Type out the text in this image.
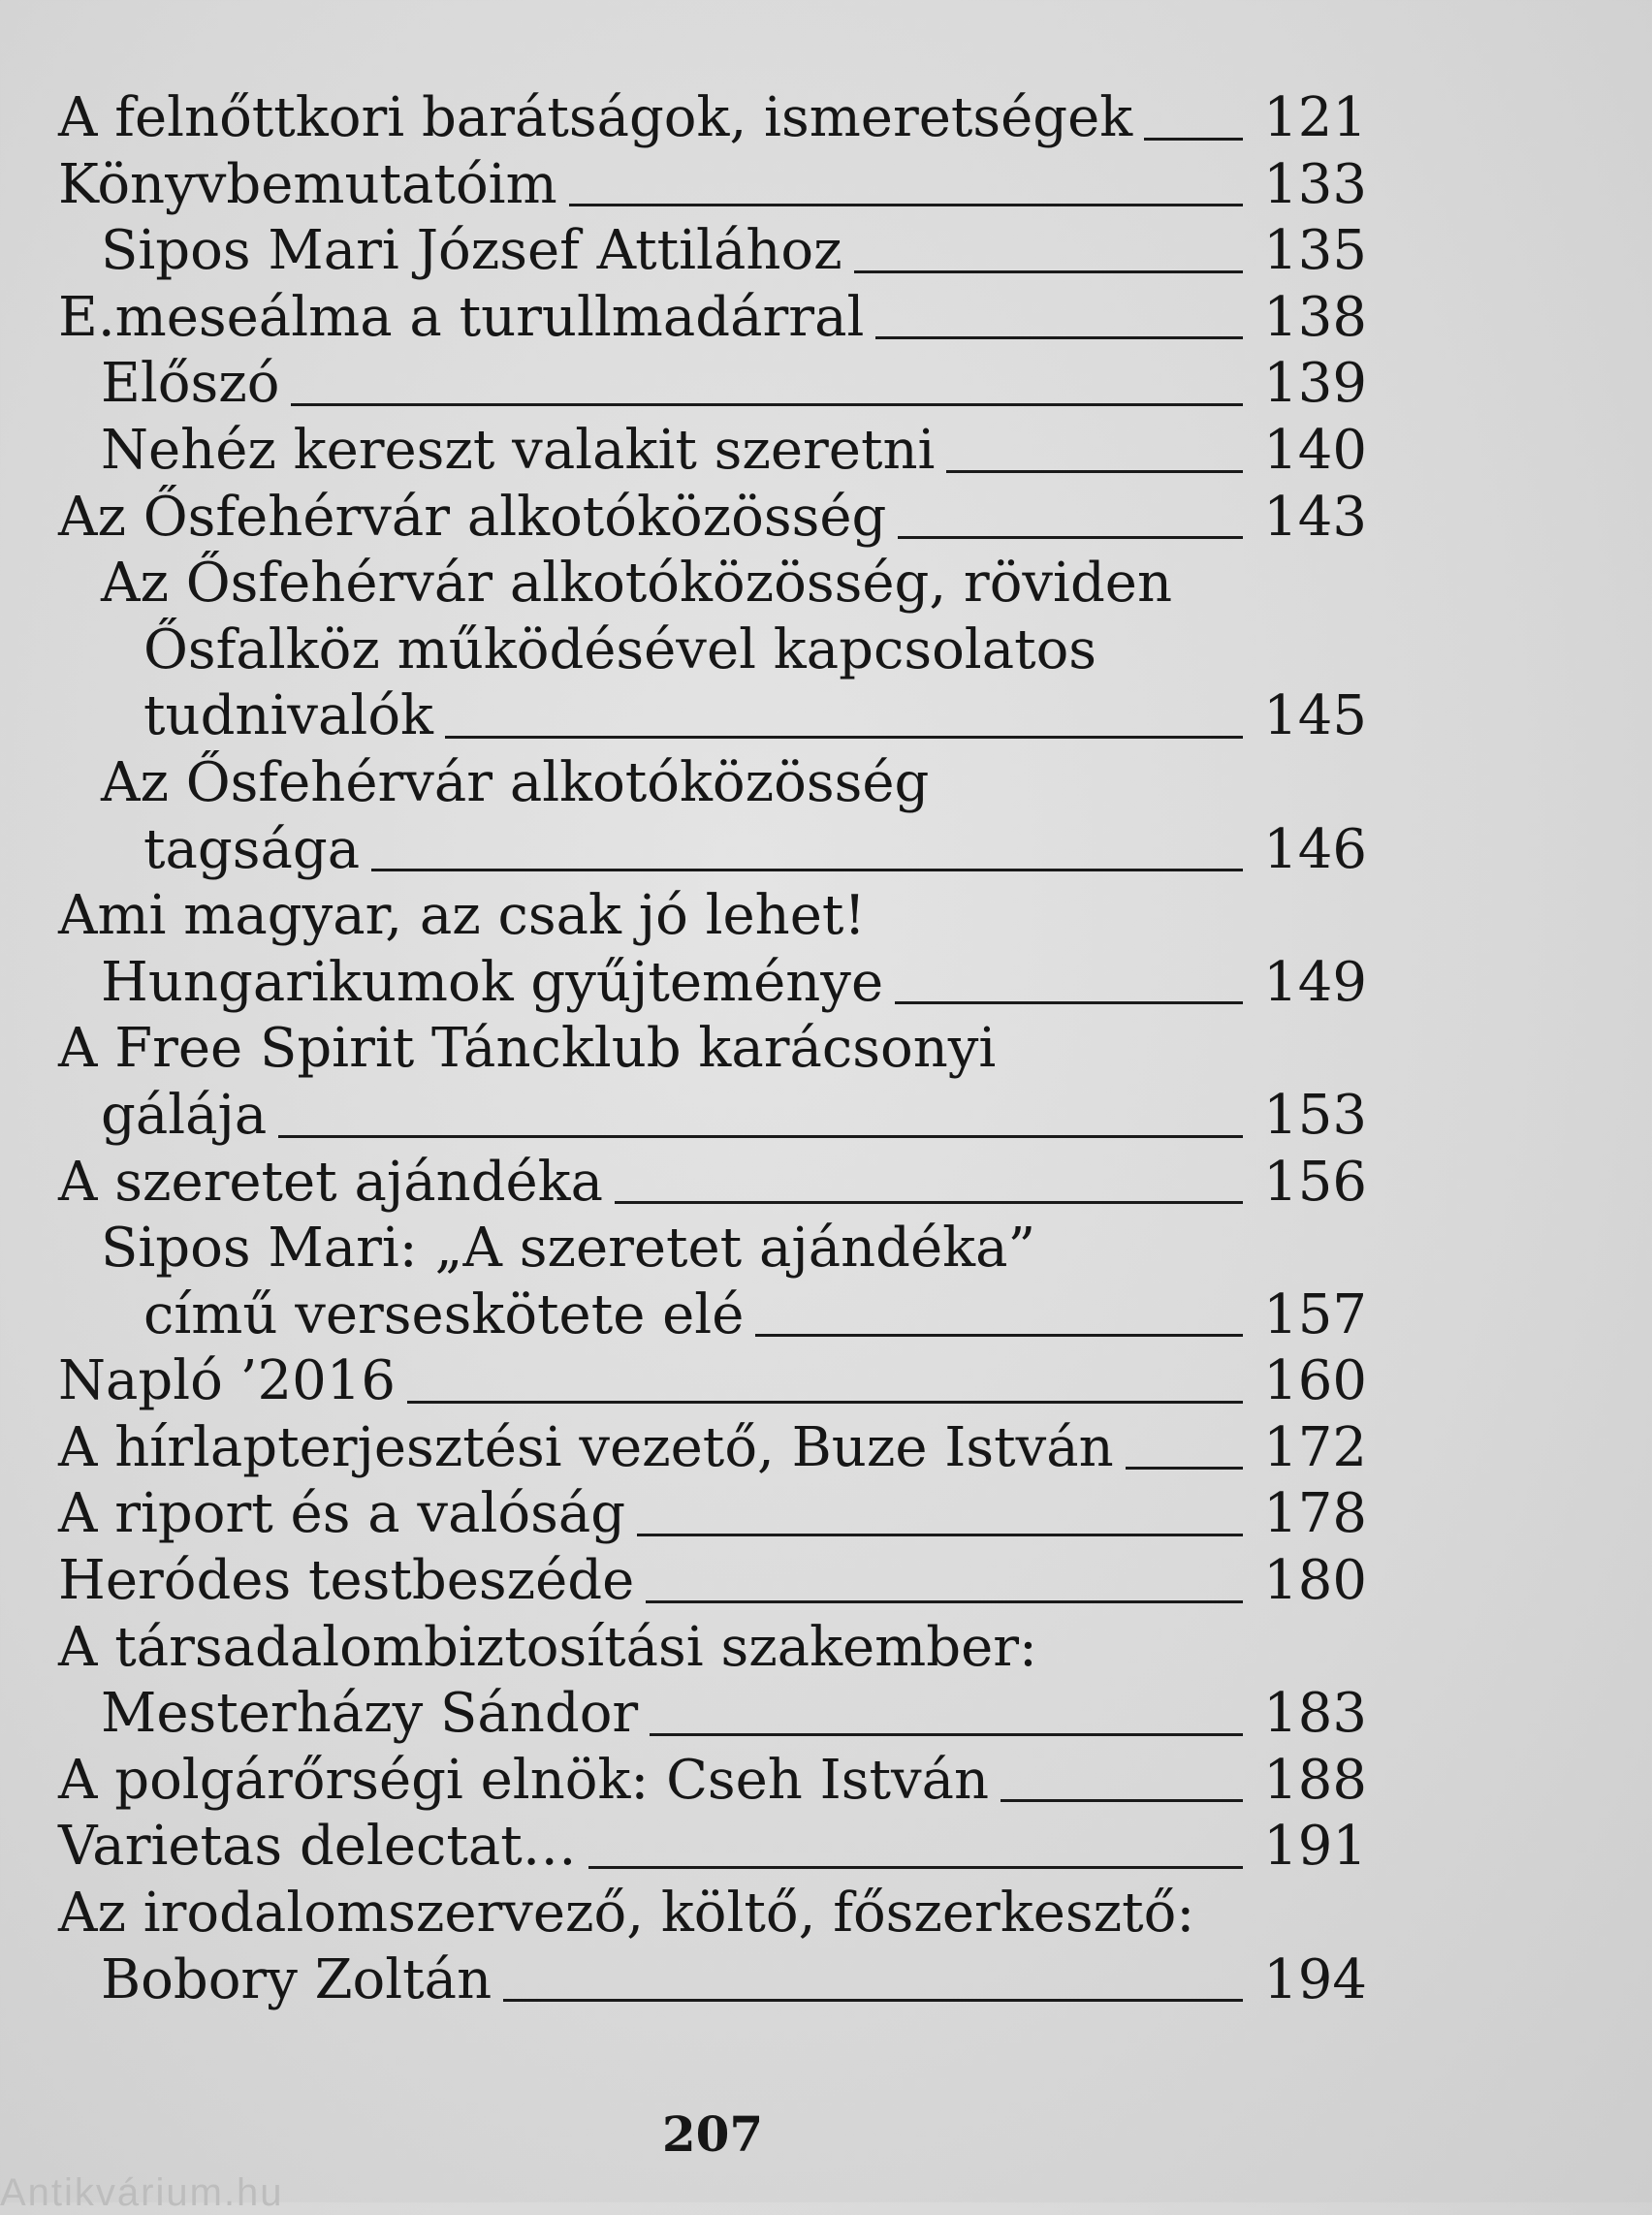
A felnőttkori barátságok, ismeretségek 121
Könyvbemutatóim	133
Sipos Mari József Attilához	135
E.meseálma a turullmadárral	138
Előszó	139
Nehéz kereszt valakit szeretni	140
Az Ősfehérvár alkotóközösség	143
Az Ősfehérvár alkotóközösség, röviden
Ősfalköz működésével kapcsolatos
tudnivalók	145
Az Ősfehérvár alkotóközösség
tagsága	146
Ami magyar, az csak jó lehet!
Hungarikumok gyűjteménye	149
A Free Spirit Táncklub karácsonyi
gálája	153
A szeretet ajándéka	156
Sipos Mari: „A szeretet ajándéka”
című verseskötete elé	157
Napló ’2016	160
A hírlapterjesztési vezető, Buze István	172
A riport és a valóság	178
Heródes testbeszéde	180
A társadalombiztosítási szakember:
Mesterházy Sándor	183
A polgárőrségi elnök: Cseh István	188
Varietas delectat…	191
Az irodalomszervező, költő, főszerkesztő:
Bobory Zoltán	194
207
Antikvárium.hu
